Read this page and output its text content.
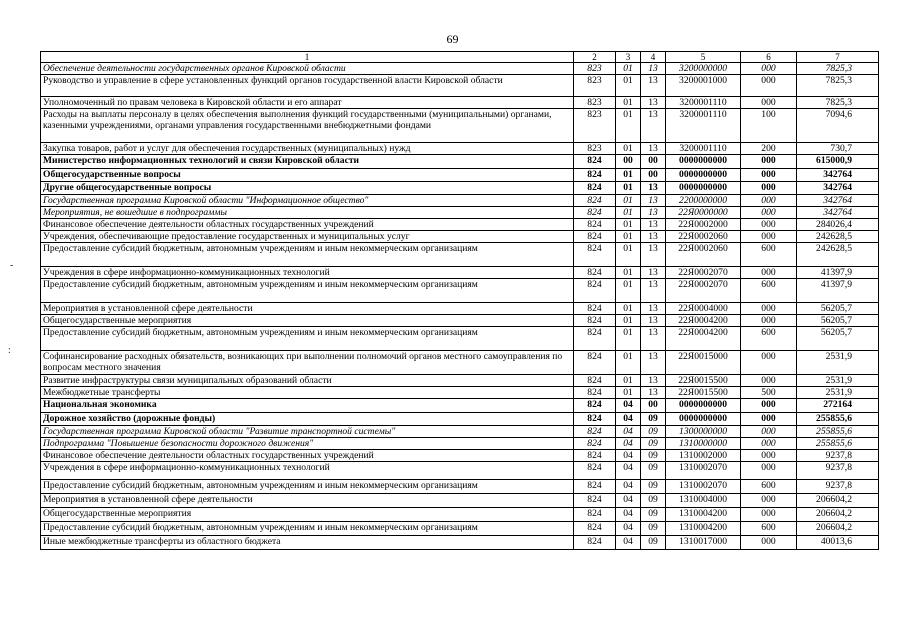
69
1	2	3	4	5	6	7
Обеспечение деятельности государственных органов Кировской области	823	01	13	3200000000	000	7825,3
Руководство и управление в сфере установленных функций органов государственной власти Кировской области	823	01	13	3200001000	000	7825,3
Уполномоченный по правам человека в Кировской области и его аппарат	823	01	13	3200001110	000	7825,3
Расходы на выплаты персоналу в целях обеспечения выполнения функций государственными (муниципальными) органами, казенными учреждениями, органами управления государственными внебюджетными фондами	823	01	13	3200001110	100	7094,6
Закупка товаров, работ и услуг для обеспечения государственных (муниципальных) нужд	823	01	13	3200001110	200	730,7
Министерство информационных технологий и связи Кировской области	824	00	00	0000000000	000	615000,9
Общегосударственные вопросы	824	01	00	0000000000	000	342764
Другие общегосударственные вопросы	824	01	13	0000000000	000	342764
Государственная программа Кировской области "Информационное общество"	824	01	13	2200000000	000	342764
Мероприятия, не вошедшие в подпрограммы	824	01	13	22Я0000000	000	342764
Финансовое обеспечение деятельности областных государственных учреждений	824	01	13	22Я0002000	000	284026,4
Учреждения, обеспечивающие предоставление государственных и муниципальных услуг	824	01	13	22Я0002060	000	242628,5
Предоставление субсидий бюджетным, автономным учреждениям и иным некоммерческим организациям	824	01	13	22Я0002060	600	242628,5
Учреждения в сфере информационно-коммуникационных технологий	824	01	13	22Я0002070	000	41397,9
Предоставление субсидий бюджетным, автономным учреждениям и иным некоммерческим организациям	824	01	13	22Я0002070	600	41397,9
Мероприятия в установленной сфере деятельности	824	01	13	22Я0004000	000	56205,7
Общегосударственные мероприятия	824	01	13	22Я0004200	000	56205,7
Предоставление субсидий бюджетным, автономным учреждениям и иным некоммерческим организациям	824	01	13	22Я0004200	600	56205,7
Софинансирование расходных обязательств, возникающих при выполнении полномочий органов местного самоуправления по вопросам местного значения	824	01	13	22Я0015000	000	2531,9
Развитие инфраструктуры связи муниципальных образований области	824	01	13	22Я0015500	000	2531,9
Межбюджетные трансферты	824	01	13	22Я0015500	500	2531,9
Национальная экономика	824	04	00	0000000000	000	272164
Дорожное хозяйство (дорожные фонды)	824	04	09	0000000000	000	255855,6
Государственная программа Кировской области "Развитие транспортной системы"	824	04	09	1300000000	000	255855,6
Подпрограмма "Повышение безопасности дорожного движения"	824	04	09	1310000000	000	255855,6
Финансовое обеспечение деятельности областных государственных учреждений	824	04	09	1310002000	000	9237,8
Учреждения в сфере информационно-коммуникационных технологий	824	04	09	1310002070	000	9237,8
Предоставление субсидий бюджетным, автономным учреждениям и иным некоммерческим организациям	824	04	09	1310002070	600	9237,8
Мероприятия в установленной сфере деятельности	824	04	09	1310004000	000	206604,2
Общегосударственные мероприятия	824	04	09	1310004200	000	206604,2
Предоставление субсидий бюджетным, автономным учреждениям и иным некоммерческим организациям	824	04	09	1310004200	600	206604,2
Иные межбюджетные трансферты из областного бюджета	824	04	09	1310017000	000	40013,6
-
:
